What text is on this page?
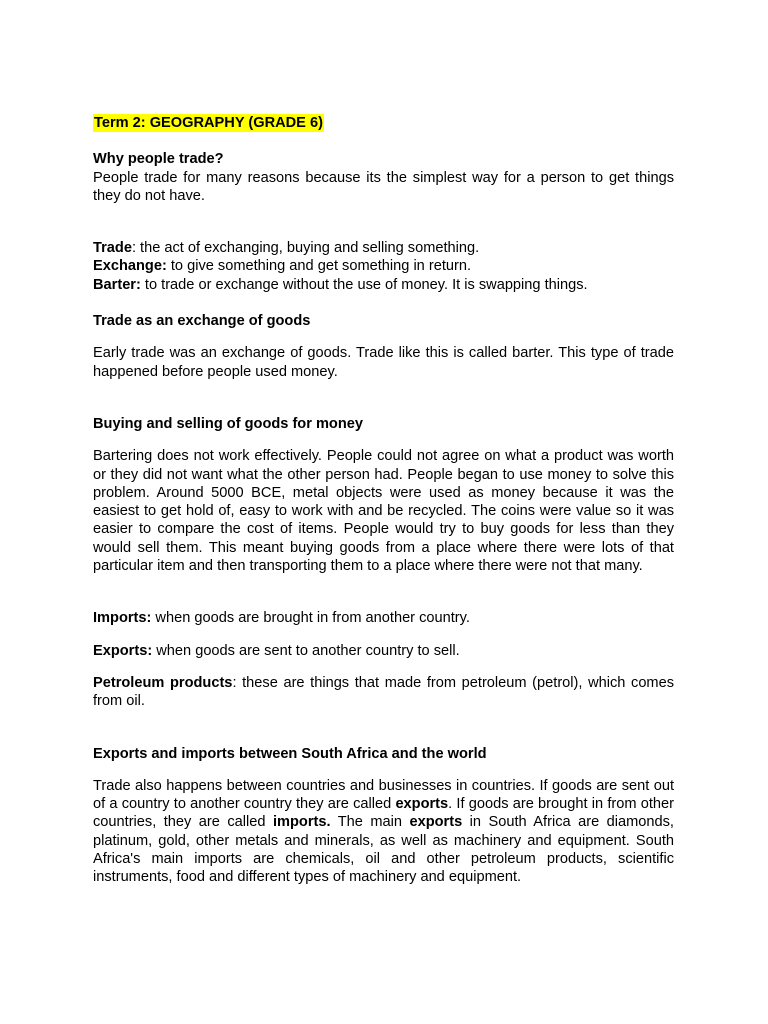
Term 2: GEOGRAPHY (GRADE 6)

Why people trade?

People trade for many reasons because its the simplest way for a person to get things they do not have.

Trade: the act of exchanging, buying and selling something.

Exchange: to give something and get something in return.

Barter: to trade or exchange without the use of money. It is swapping things.

Trade as an exchange of goods

Early trade was an exchange of goods. Trade like this is called barter. This type of trade happened before people used money.

Buying and selling of goods for money

Bartering does not work effectively. People could not agree on what a product was worth or they did not want what the other person had. People began to use money to solve this problem. Around 5000 BCE, metal objects were used as money because it was the easiest to get hold of, easy to work with and be recycled. The coins were value so it was easier to compare the cost of items. People would try to buy goods for less than they would sell them. This meant buying goods from a place where there were lots of that particular item and then transporting them to a place where there were not that many.

Imports: when goods are brought in from another country.

Exports: when goods are sent to another country to sell.

Petroleum products: these are things that made from petroleum (petrol), which comes from oil.

Exports and imports between South Africa and the world

Trade also happens between countries and businesses in countries. If goods are sent out of a country to another country they are called exports. If goods are brought in from other countries, they are called imports. The main exports in South Africa are diamonds, platinum, gold, other metals and minerals, as well as machinery and equipment. South Africa's main imports are chemicals, oil and other petroleum products, scientific instruments, food and different types of machinery and equipment.
